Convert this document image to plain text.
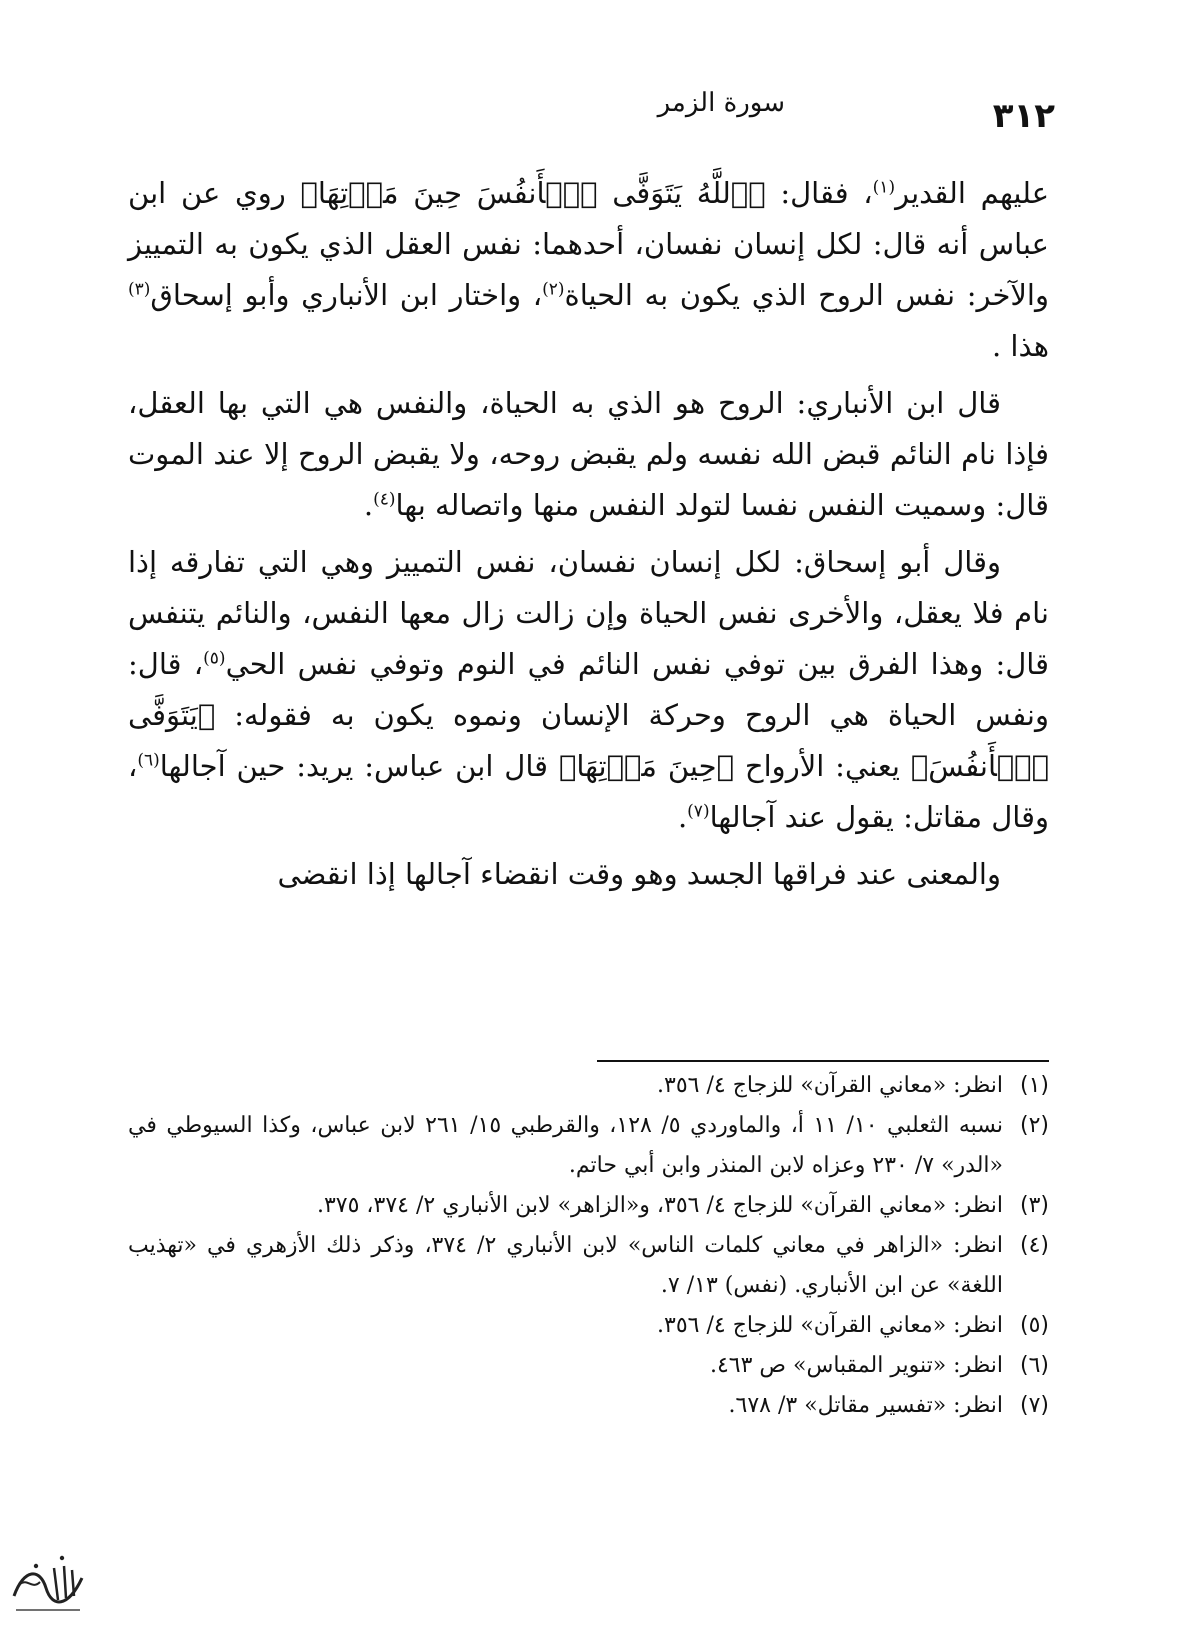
٣١٢
سورة الزمر

عليهم القدير$^{(١)}$، فقال: ﴿ٱللَّهُ يَتَوَفَّى ٱلۡأَنفُسَ حِينَ مَوۡتِهَا﴾ روي عن ابن عباس أنه قال: لكل إنسان نفسان، أحدهما: نفس العقل الذي يكون به التمييز والآخر: نفس الروح الذي يكون به الحياة$^{(٢)}$، واختار ابن الأنباري وأبو إسحاق$^{(٣)}$ هذا .

قال ابن الأنباري: الروح هو الذي به الحياة، والنفس هي التي بها العقل، فإذا نام النائم قبض الله نفسه ولم يقبض روحه، ولا يقبض الروح إلا عند الموت قال: وسميت النفس نفسا لتولد النفس منها واتصاله بها$^{(٤)}$.

وقال أبو إسحاق: لكل إنسان نفسان، نفس التمييز وهي التي تفارقه إذا نام فلا يعقل، والأخرى نفس الحياة وإن زالت زال معها النفس، والنائم يتنفس قال: وهذا الفرق بين توفي نفس النائم في النوم وتوفي نفس الحي$^{(٥)}$، قال: ونفس الحياة هي الروح وحركة الإنسان ونموه يكون به فقوله: ﴿يَتَوَفَّى ٱلۡأَنفُسَ﴾ يعني: الأرواح ﴿حِينَ مَوۡتِهَا﴾ قال ابن عباس: يريد: حين آجالها$^{(٦)}$، وقال مقاتل: يقول عند آجالها$^{(٧)}$.

والمعنى عند فراقها الجسد وهو وقت انقضاء آجالها إذا انقضى

(١)
انظر: «معاني القرآن» للزجاج ٤/ ٣٥٦.
(٢)
نسبه الثعلبي ١٠/ ١١ أ، والماوردي ٥/ ١٢٨، والقرطبي ١٥/ ٢٦١ لابن عباس، وكذا السيوطي في «الدر» ٧/ ٢٣٠ وعزاه لابن المنذر وابن أبي حاتم.
(٣)
انظر: «معاني القرآن» للزجاج ٤/ ٣٥٦، و«الزاهر» لابن الأنباري ٢/ ٣٧٤، ٣٧٥.
(٤)
انظر: «الزاهر في معاني كلمات الناس» لابن الأنباري ٢/ ٣٧٤، وذكر ذلك الأزهري في «تهذيب اللغة» عن ابن الأنباري. (نفس) ١٣/ ٧.
(٥)
انظر: «معاني القرآن» للزجاج ٤/ ٣٥٦.
(٦)
انظر: «تنوير المقباس» ص ٤٦٣.
(٧)
انظر: «تفسير مقاتل» ٣/ ٦٧٨.
